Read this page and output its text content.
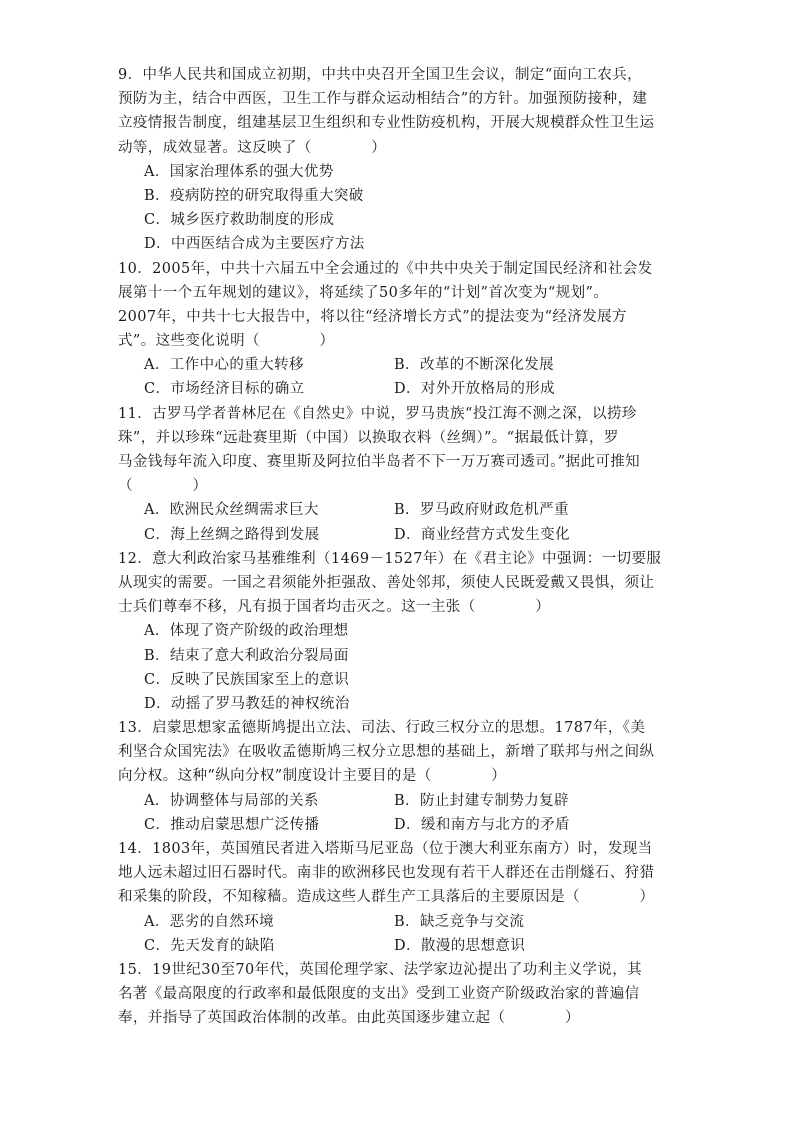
9．中华人民共和国成立初期，中共中央召开全国卫生会议，制定“面向工农兵，
预防为主，结合中西医，卫生工作与群众运动相结合”的方针。加强预防接种，建
立疫情报告制度，组建基层卫生组织和专业性防疫机构，开展大规模群众性卫生运
动等，成效显著。这反映了（　　　　）
A．国家治理体系的强大优势
B．疫病防控的研究取得重大突破
C．城乡医疗救助制度的形成
D．中西医结合成为主要医疗方法
10．2005年，中共十六届五中全会通过的《中共中央关于制定国民经济和社会发
展第十一个五年规划的建议》，将延续了50多年的“计划”首次变为“规划”。
2007年，中共十七大报告中，将以往“经济增长方式”的提法变为“经济发展方
式”。这些变化说明（　　　　）
A．工作中心的重大转移	B．改革的不断深化发展
C．市场经济目标的确立	D．对外开放格局的形成
11．古罗马学者普林尼在《自然史》中说，罗马贵族“投江海不测之深，以捞珍
珠”，并以珍珠“远赴赛里斯（中国）以换取衣料（丝绸）”。“据最低计算，罗
马金钱每年流入印度、赛里斯及阿拉伯半岛者不下一万万赛司透司。”据此可推知
（　　　　）
A．欧洲民众丝绸需求巨大	B．罗马政府财政危机严重
C．海上丝绸之路得到发展	D．商业经营方式发生变化
12．意大利政治家马基雅维利（1469－1527年）在《君主论》中强调：一切要服
从现实的需要。一国之君须能外拒强敌、善处邻邦，须使人民既爱戴又畏惧，须让
士兵们尊奉不移，凡有损于国者均击灭之。这一主张（　　　　）
A．体现了资产阶级的政治理想
B．结束了意大利政治分裂局面
C．反映了民族国家至上的意识
D．动摇了罗马教廷的神权统治
13．启蒙思想家孟德斯鸠提出立法、司法、行政三权分立的思想。1787年，《美
利坚合众国宪法》在吸收孟德斯鸠三权分立思想的基础上，新增了联邦与州之间纵
向分权。这种“纵向分权”制度设计主要目的是（　　　　）
A．协调整体与局部的关系	B．防止封建专制势力复辟
C．推动启蒙思想广泛传播	D．缓和南方与北方的矛盾
14．1803年，英国殖民者进入塔斯马尼亚岛（位于澳大利亚东南方）时，发现当
地人远未超过旧石器时代。南非的欧洲移民也发现有若干人群还在击削燧石、狩猎
和采集的阶段，不知稼穑。造成这些人群生产工具落后的主要原因是（　　　　）
A．恶劣的自然环境	B．缺乏竞争与交流
C．先天发育的缺陷	D．散漫的思想意识
15．19世纪30至70年代，英国伦理学家、法学家边沁提出了功利主义学说，其
名著《最高限度的行政率和最低限度的支出》受到工业资产阶级政治家的普遍信
奉，并指导了英国政治体制的改革。由此英国逐步建立起（　　　　）
